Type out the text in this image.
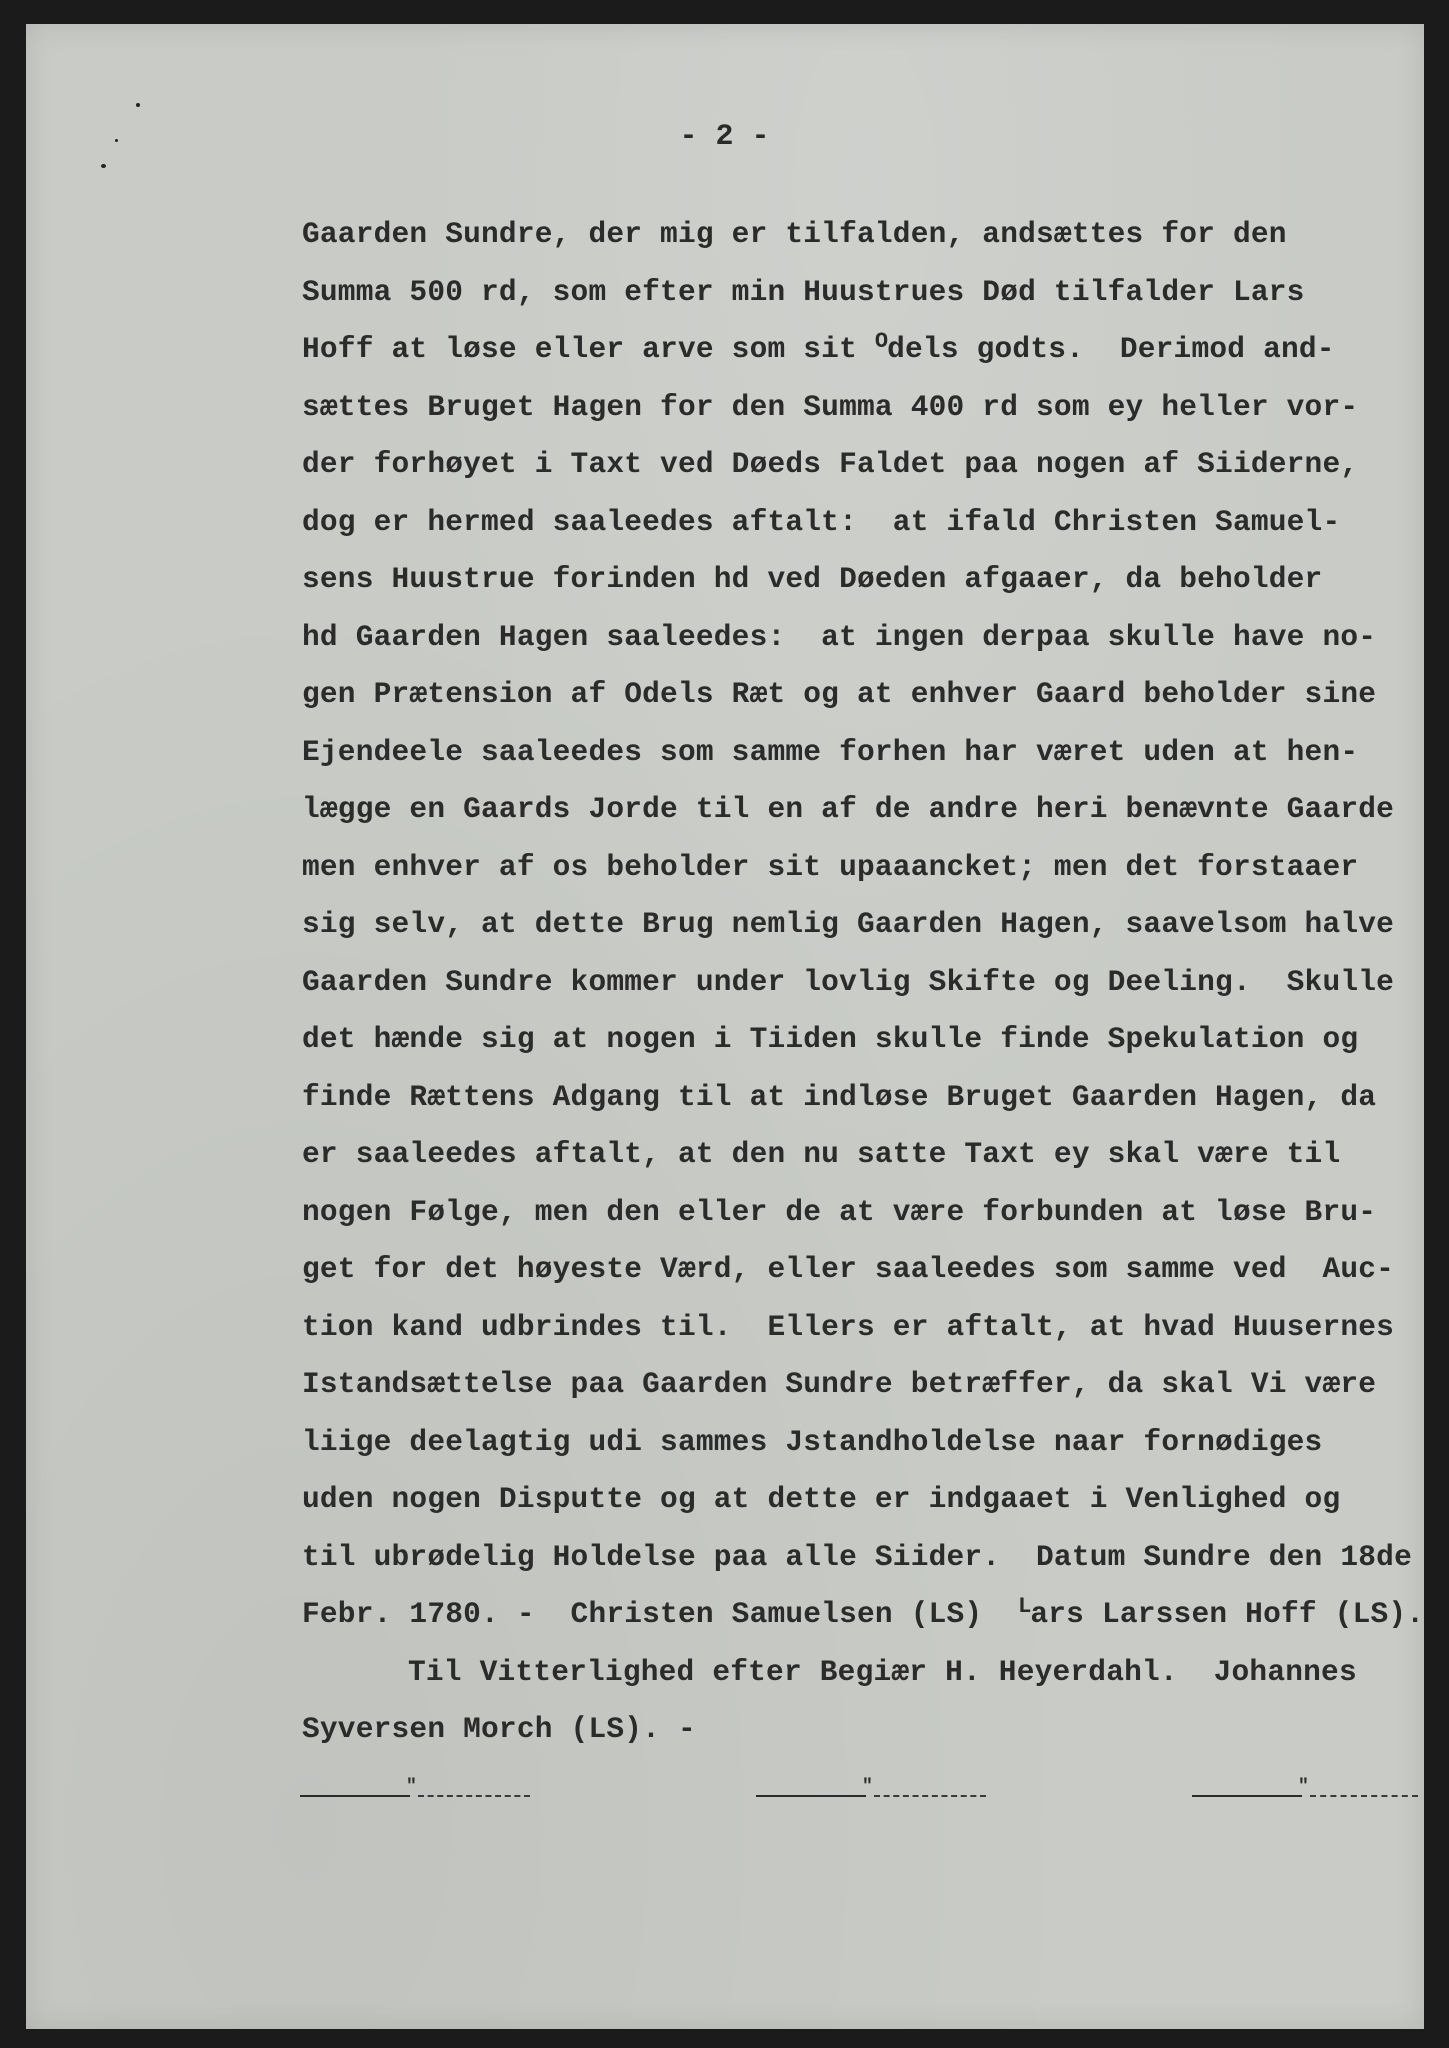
- 2 -
Gaarden Sundre, der mig er tilfalden, andsættes for den
Summa 500 rd, som efter min Huustrues Død tilfalder Lars
Hoff at løse eller arve som sit $^O$dels godts.  Derimod and-
sættes Bruget Hagen for den Summa 400 rd som ey heller vor-
der forhøyet i Taxt ved Døeds Faldet paa nogen af Siiderne,
dog er hermed saaleedes aftalt:  at ifald Christen Samuel-
sens Huustrue forinden hd ved Døeden afgaaer, da beholder
hd Gaarden Hagen saaleedes:  at ingen derpaa skulle have no-
gen Prætension af Odels Ræt og at enhver Gaard beholder sine
Ejendeele saaleedes som samme forhen har været uden at hen-
lægge en Gaards Jorde til en af de andre heri benævnte Gaarde
men enhver af os beholder sit upaaancket; men det forstaaer
sig selv, at dette Brug nemlig Gaarden Hagen, saavelsom halve
Gaarden Sundre kommer under lovlig Skifte og Deeling.  Skulle
det hænde sig at nogen i Tiiden skulle finde Spekulation og
finde Rættens Adgang til at indløse Bruget Gaarden Hagen, da
er saaleedes aftalt, at den nu satte Taxt ey skal være til
nogen Følge, men den eller de at være forbunden at løse Bru-
get for det høyeste Værd, eller saaleedes som samme ved  Auc-
tion kand udbrindes til.  Ellers er aftalt, at hvad Huusernes
Istandsættelse paa Gaarden Sundre betræffer, da skal Vi være
liige deelagtig udi sammes Jstandholdelse naar fornødiges
uden nogen Disputte og at dette er indgaaet i Venlighed og
til ubrødelig Holdelse paa alle Siider.  Datum Sundre den 18de
Febr. 1780. -  Christen Samuelsen (LS)  $^L$ars Larssen Hoff (LS).
Til Vitterlighed efter Begiær H. Heyerdahl.  Johannes
Syversen Morch (LS). -
"	"	"
